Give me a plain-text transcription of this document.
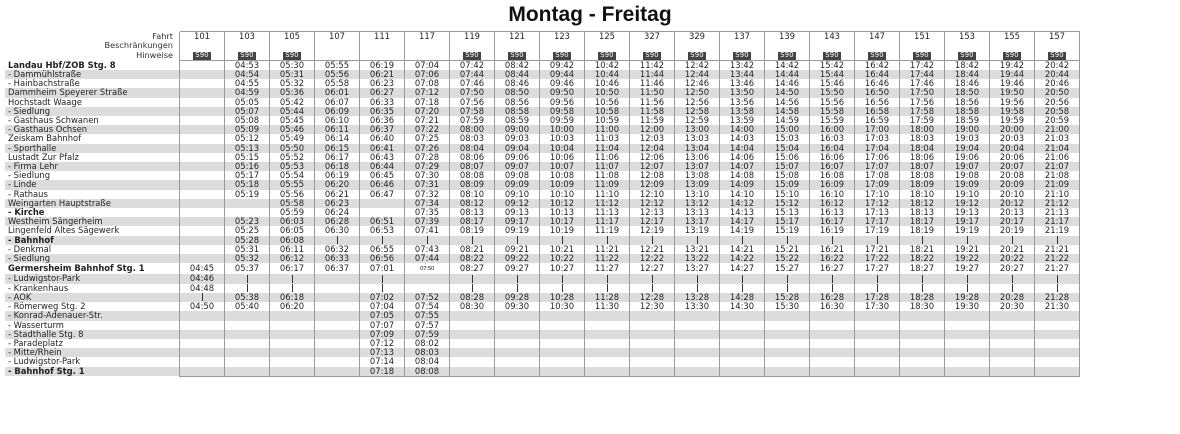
Montag - Freitag
Fahrt	101	103	105	107	111	117	119	121	123	125	327	329	137	139	143	147	151	153	155	157
Beschränkungen																				
Hinweise	S90	S90	S90				S90	S90	S90	S90	S90	S90	S90	S90	S90	S90	S90	S90	S90	S90
Landau Hbf/ZOB Stg. 8		04:53	05:30	05:55	06:19	07:04	07:42	08:42	09:42	10:42	11:42	12:42	13:42	14:42	15:42	16:42	17:42	18:42	19:42	20:42
- Dammühlstraße		04:54	05:31	05:56	06:21	07:06	07:44	08:44	09:44	10:44	11:44	12:44	13:44	14:44	15:44	16:44	17:44	18:44	19:44	20:44
- Hainbachstraße		04:55	05:32	05:58	06:23	07:08	07:46	08:46	09:46	10:46	11:46	12:46	13:46	14:46	15:46	16:46	17:46	18:46	19:46	20:46
Dammheim Speyerer Straße		04:59	05:36	06:01	06:27	07:12	07:50	08:50	09:50	10:50	11:50	12:50	13:50	14:50	15:50	16:50	17:50	18:50	19:50	20:50
Hochstadt Waage		05:05	05:42	06:07	06:33	07:18	07:56	08:56	09:56	10:56	11:56	12:56	13:56	14:56	15:56	16:56	17:56	18:56	19:56	20:56
- Siedlung		05:07	05:44	06:09	06:35	07:20	07:58	08:58	09:58	10:58	11:58	12:58	13:58	14:58	15:58	16:58	17:58	18:58	19:58	20:58
- Gasthaus Schwanen		05:08	05:45	06:10	06:36	07:21	07:59	08:59	09:59	10:59	11:59	12:59	13:59	14:59	15:59	16:59	17:59	18:59	19:59	20:59
- Gasthaus Ochsen		05:09	05:46	06:11	06:37	07:22	08:00	09:00	10:00	11:00	12:00	13:00	14:00	15:00	16:00	17:00	18:00	19:00	20:00	21:00
Zeiskam Bahnhof		05:12	05:49	06:14	06:40	07:25	08:03	09:03	10:03	11:03	12:03	13:03	14:03	15:03	16:03	17:03	18:03	19:03	20:03	21:03
- Sporthalle		05:13	05:50	06:15	06:41	07:26	08:04	09:04	10:04	11:04	12:04	13:04	14:04	15:04	16:04	17:04	18:04	19:04	20:04	21:04
Lustadt Zur Pfalz		05:15	05:52	06:17	06:43	07:28	08:06	09:06	10:06	11:06	12:06	13:06	14:06	15:06	16:06	17:06	18:06	19:06	20:06	21:06
- Firma Lehr		05:16	05:53	06:18	06:44	07:29	08:07	09:07	10:07	11:07	12:07	13:07	14:07	15:07	16:07	17:07	18:07	19:07	20:07	21:07
- Siedlung		05:17	05:54	06:19	06:45	07:30	08:08	09:08	10:08	11:08	12:08	13:08	14:08	15:08	16:08	17:08	18:08	19:08	20:08	21:08
- Linde		05:18	05:55	06:20	06:46	07:31	08:09	09:09	10:09	11:09	12:09	13:09	14:09	15:09	16:09	17:09	18:09	19:09	20:09	21:09
- Rathaus		05:19	05:56	06:21	06:47	07:32	08:10	09:10	10:10	11:10	12:10	13:10	14:10	15:10	16:10	17:10	18:10	19:10	20:10	21:10
Weingarten Hauptstraße			05:58	06:23		07:34	08:12	09:12	10:12	11:12	12:12	13:12	14:12	15:12	16:12	17:12	18:12	19:12	20:12	21:12
- Kirche			05:59	06:24		07:35	08:13	09:13	10:13	11:13	12:13	13:13	14:13	15:13	16:13	17:13	18:13	19:13	20:13	21:13
Westheim Sängerheim		05:23	06:03	06:28	06:51	07:39	08:17	09:17	10:17	11:17	12:17	13:17	14:17	15:17	16:17	17:17	18:17	19:17	20:17	21:17
Lingenfeld Altes Sägewerk		05:25	06:05	06:30	06:53	07:41	08:19	09:19	10:19	11:19	12:19	13:19	14:19	15:19	16:19	17:19	18:19	19:19	20:19	21:19
- Bahnhof		05:28	06:08																	
- Denkmal		05:31	06:11	06:32	06:55	07:43	08:21	09:21	10:21	11:21	12:21	13:21	14:21	15:21	16:21	17:21	18:21	19:21	20:21	21:21
- Siedlung		05:32	06:12	06:33	06:56	07:44	08:22	09:22	10:22	11:22	12:22	13:22	14:22	15:22	16:22	17:22	18:22	19:22	20:22	21:22
Germersheim Bahnhof Stg. 1	04:45	05:37	06:17	06:37	07:01	07:50	08:27	09:27	10:27	11:27	12:27	13:27	14:27	15:27	16:27	17:27	18:27	19:27	20:27	21:27
- Ludwigstor-Park	04:46																			
- Krankenhaus	04:48																			
- AOK		05:38	06:18		07:02	07:52	08:28	09:28	10:28	11:28	12:28	13:28	14:28	15:28	16:28	17:28	18:28	19:28	20:28	21:28
- Römerweg Stg. 2	04:50	05:40	06:20		07:04	07:54	08:30	09:30	10:30	11:30	12:30	13:30	14:30	15:30	16:30	17:30	18:30	19:30	20:30	21:30
- Konrad-Adenauer-Str.					07:05	07:55														
- Wasserturm					07:07	07:57														
- Stadthalle Stg. 8					07:09	07:59														
- Paradeplatz					07:12	08:02														
- Mitte/Rhein					07:13	08:03														
- Ludwigstor-Park					07:14	08:04														
- Bahnhof Stg. 1					07:18	08:08														
